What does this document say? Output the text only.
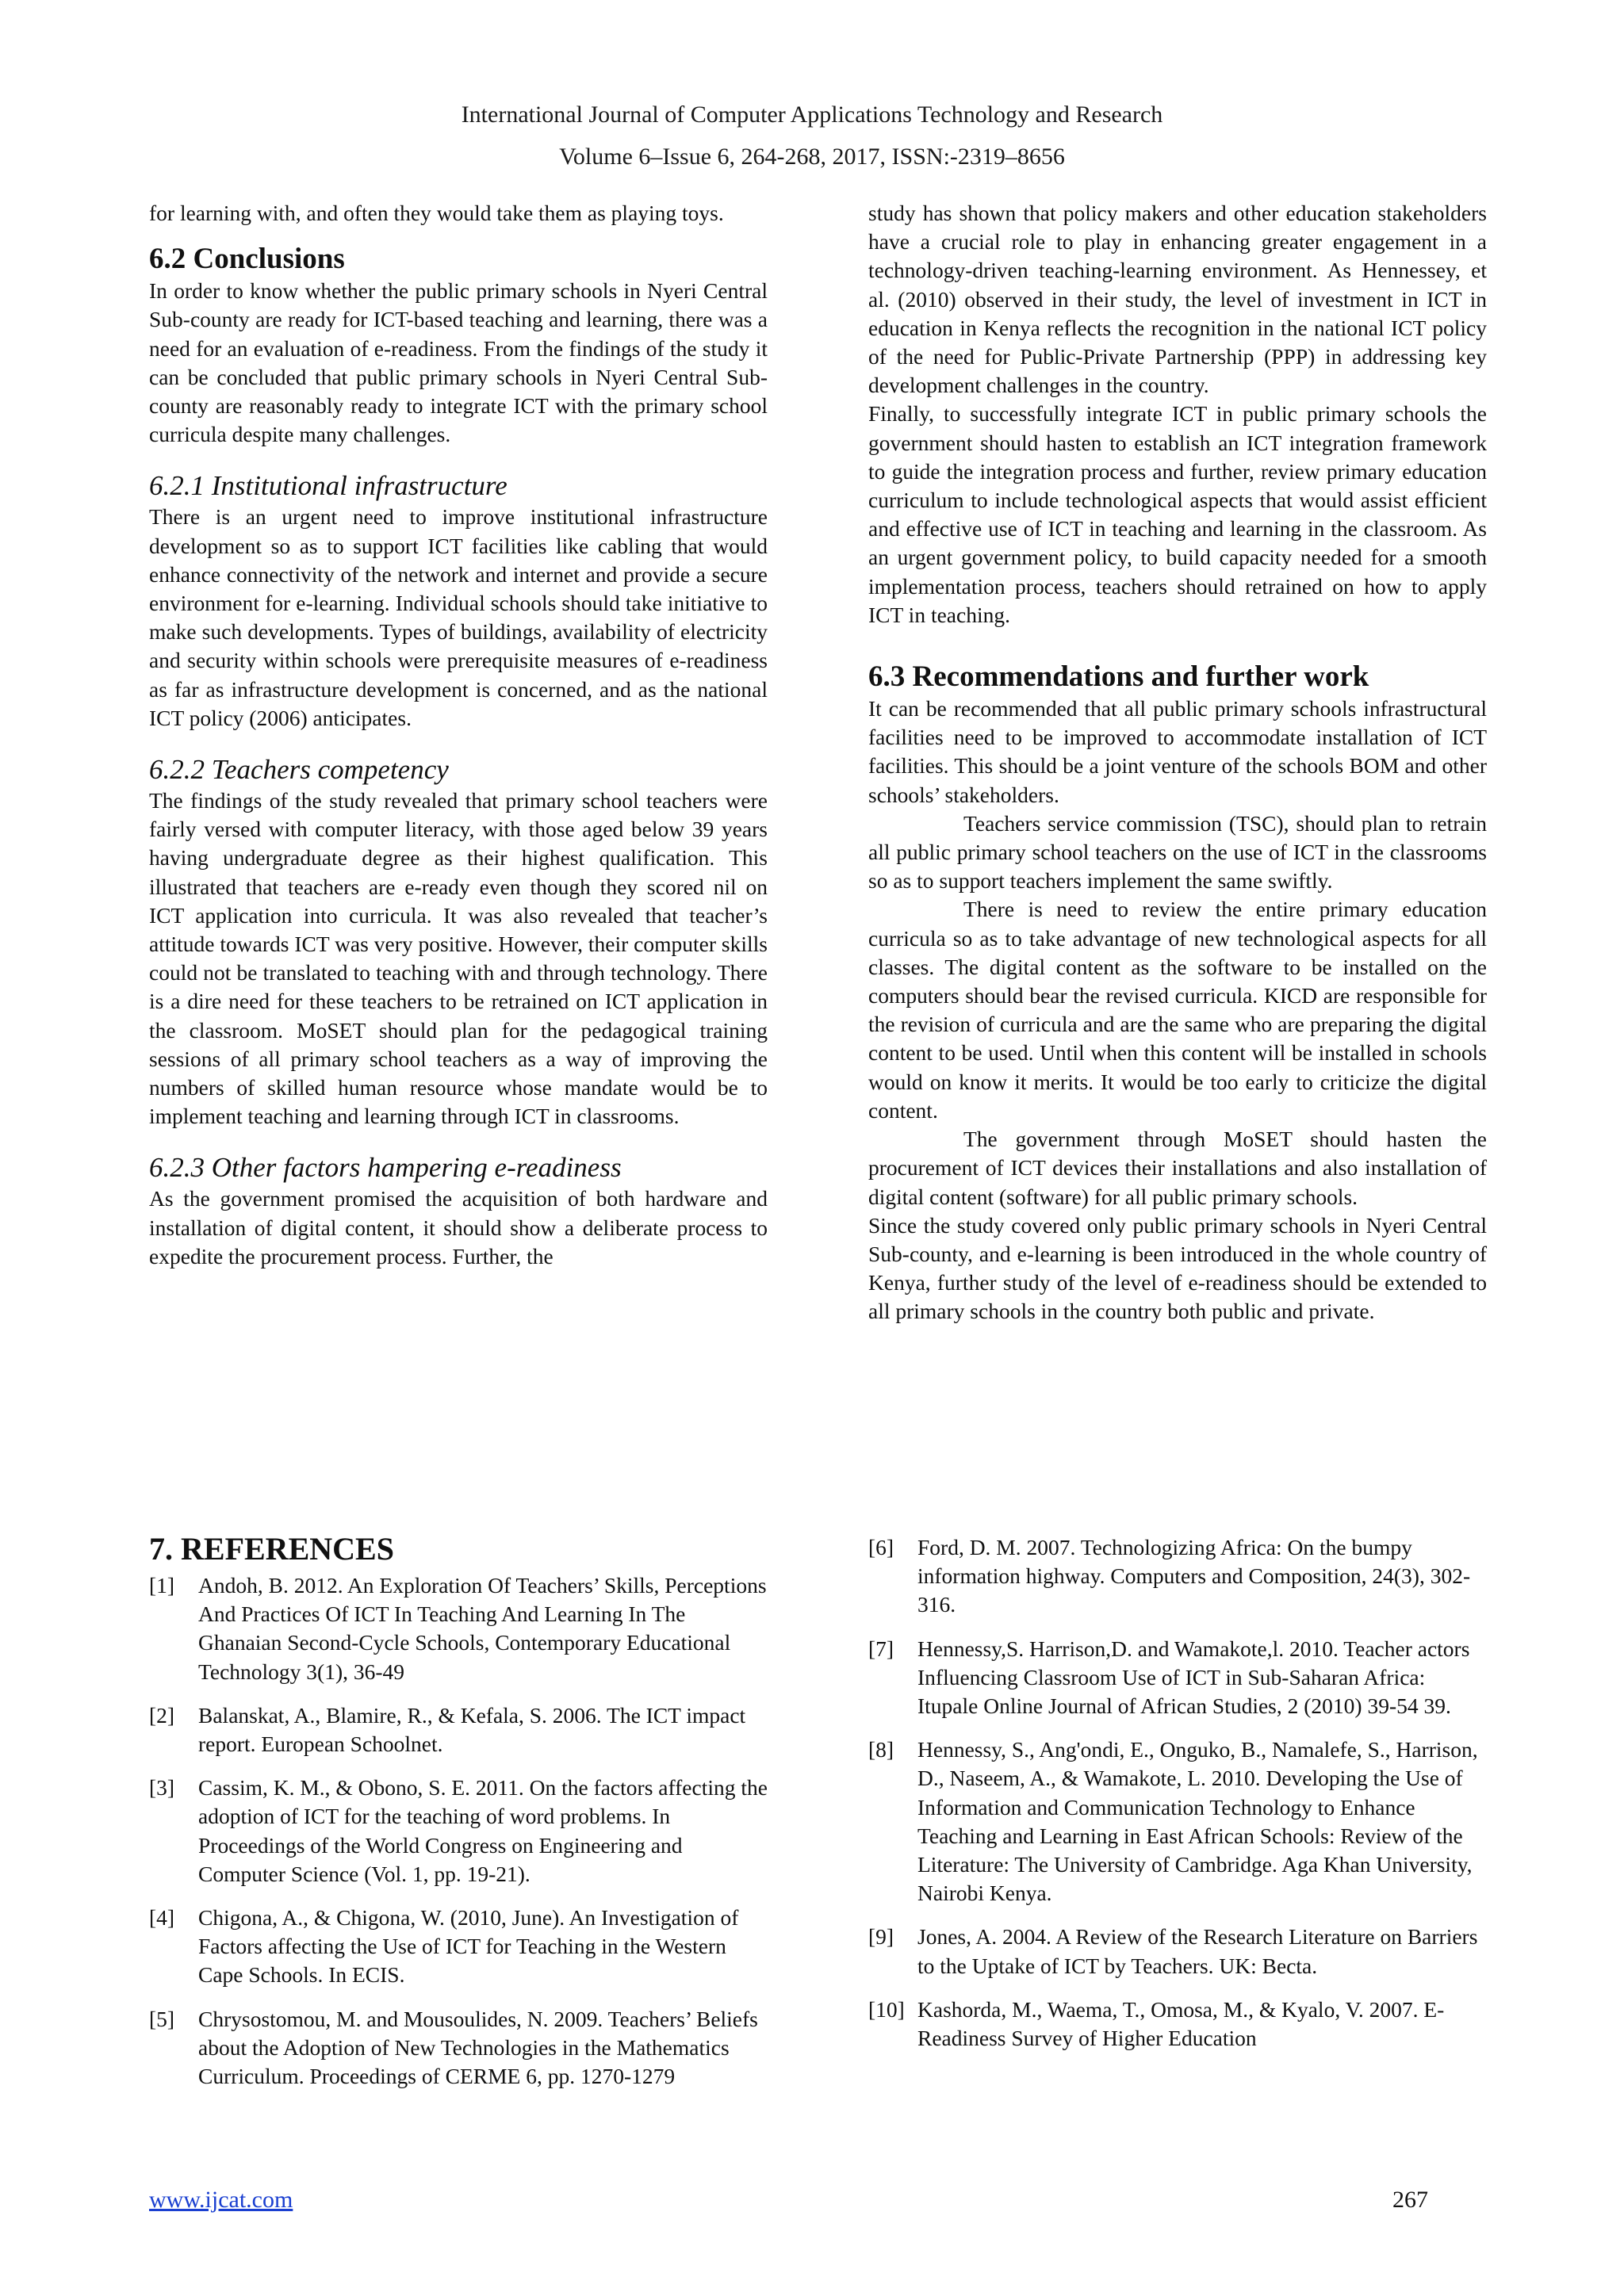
International Journal of Computer Applications Technology and Research
Volume 6–Issue 6, 264-268, 2017, ISSN:-2319–8656

for learning with, and often they would take them as playing toys.

6.2 Conclusions

In order to know whether the public primary schools in Nyeri Central Sub-county are ready for ICT-based teaching and learning, there was a need for an evaluation of e-readiness. From the findings of the study it can be concluded that public primary schools in Nyeri Central Sub-county are reasonably ready to integrate ICT with the primary school curricula despite many challenges.

6.2.1 Institutional infrastructure

There is an urgent need to improve institutional infrastructure development so as to support ICT facilities like cabling that would enhance connectivity of the network and internet and provide a secure environment for e-learning. Individual schools should take initiative to make such developments. Types of buildings, availability of electricity and security within schools were prerequisite measures of e-readiness as far as infrastructure development is concerned, and as the national ICT policy (2006) anticipates.

6.2.2 Teachers competency

The findings of the study revealed that primary school teachers were fairly versed with computer literacy, with those aged below 39 years having undergraduate degree as their highest qualification. This illustrated that teachers are e-ready even though they scored nil on ICT application into curricula. It was also revealed that teacher’s attitude towards ICT was very positive. However, their computer skills could not be translated to teaching with and through technology. There is a dire need for these teachers to be retrained on ICT application in the classroom. MoSET should plan for the pedagogical training sessions of all primary school teachers as a way of improving the numbers of skilled human resource whose mandate would be to implement teaching and learning through ICT in classrooms.

6.2.3 Other factors hampering e-readiness

As the government promised the acquisition of both hardware and installation of digital content, it should show a deliberate process to expedite the procurement process. Further, the

study has shown that policy makers and other education stakeholders have a crucial role to play in enhancing greater engagement in a technology-driven teaching-learning environment. As Hennessey, et al. (2010) observed in their study, the level of investment in ICT in education in Kenya reflects the recognition in the national ICT policy of the need for Public-Private Partnership (PPP) in addressing key development challenges in the country.

Finally, to successfully integrate ICT in public primary schools the government should hasten to establish an ICT integration framework to guide the integration process and further, review primary education curriculum to include technological aspects that would assist efficient and effective use of ICT in teaching and learning in the classroom. As an urgent government policy, to build capacity needed for a smooth implementation process, teachers should retrained on how to apply ICT in teaching.

6.3 Recommendations and further work

It can be recommended that all public primary schools infrastructural facilities need to be improved to accommodate installation of ICT facilities. This should be a joint venture of the schools BOM and other schools’ stakeholders.

Teachers service commission (TSC), should plan to retrain all public primary school teachers on the use of ICT in the classrooms so as to support teachers implement the same swiftly.

There is need to review the entire primary education curricula so as to take advantage of new technological aspects for all classes. The digital content as the software to be installed on the computers should bear the revised curricula. KICD are responsible for the revision of curricula and are the same who are preparing the digital content to be used. Until when this content will be installed in schools would on know it merits. It would be too early to criticize the digital content.

The government through MoSET should hasten the procurement of ICT devices their installations and also installation of digital content (software) for all public primary schools.

Since the study covered only public primary schools in Nyeri Central Sub-county, and e-learning is been introduced in the whole country of Kenya, further study of the level of e-readiness should be extended to all primary schools in the country both public and private.

7. REFERENCES
[1] Andoh, B. 2012. An Exploration Of Teachers’ Skills, Perceptions And Practices Of ICT In Teaching And Learning In The Ghanaian Second-Cycle Schools, Contemporary Educational Technology 3(1), 36-49
[2] Balanskat, A., Blamire, R., & Kefala, S. 2006. The ICT impact report. European Schoolnet.
[3] Cassim, K. M., & Obono, S. E. 2011. On the factors affecting the adoption of ICT for the teaching of word problems. In Proceedings of the World Congress on Engineering and Computer Science (Vol. 1, pp. 19-21).
[4] Chigona, A., & Chigona, W. (2010, June). An Investigation of Factors affecting the Use of ICT for Teaching in the Western Cape Schools. In ECIS.
[5] Chrysostomou, M. and Mousoulides, N. 2009. Teachers’ Beliefs about the Adoption of New Technologies in the Mathematics Curriculum. Proceedings of CERME 6, pp. 1270-1279
[6] Ford, D. M. 2007. Technologizing Africa: On the bumpy information highway. Computers and Composition, 24(3), 302-316.
[7] Hennessy,S. Harrison,D. and Wamakote,l. 2010. Teacher actors Influencing Classroom Use of ICT in Sub-Saharan Africa: Itupale Online Journal of African Studies, 2 (2010) 39-54 39.
[8] Hennessy, S., Ang'ondi, E., Onguko, B., Namalefe, S., Harrison, D., Naseem, A., & Wamakote, L. 2010. Developing the Use of Information and Communication Technology to Enhance Teaching and Learning in East African Schools: Review of the Literature: The University of Cambridge. Aga Khan University, Nairobi Kenya.
[9] Jones, A. 2004. A Review of the Research Literature on Barriers to the Uptake of ICT by Teachers. UK: Becta.
[10] Kashorda, M., Waema, T., Omosa, M., & Kyalo, V. 2007. E-Readiness Survey of Higher Education
www.ijcat.com	267
